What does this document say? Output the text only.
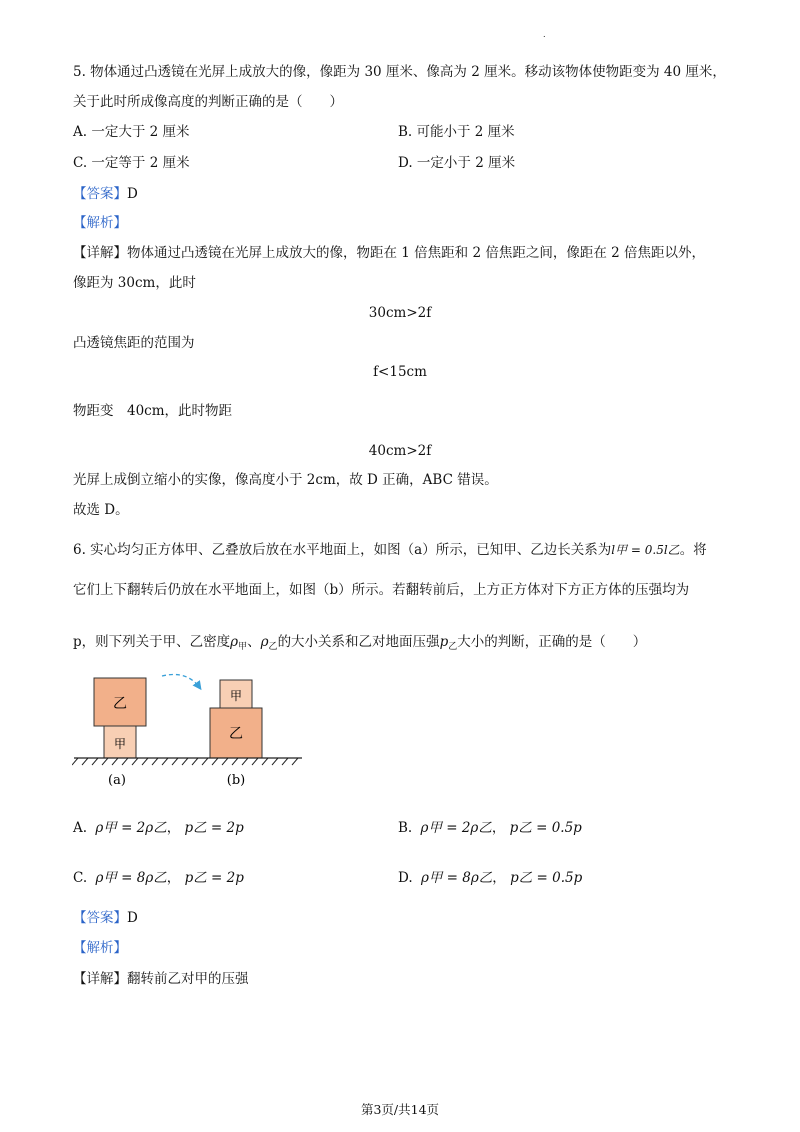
.
5. 物体通过凸透镜在光屏上成放大的像，像距为 30 厘米、像高为 2 厘米。移动该物体使物距变为 40 厘米，
关于此时所成像高度的判断正确的是（　　）
A. 一定大于 2 厘米	B. 可能小于 2 厘米
C. 一定等于 2 厘米	D. 一定小于 2 厘米
【答案】D
【解析】
【详解】物体通过凸透镜在光屏上成放大的像，物距在 1 倍焦距和 2 倍焦距之间，像距在 2 倍焦距以外，
像距为 30cm，此时
30cm>2f
凸透镜焦距的范围为
f<15cm
物距变　40cm，此时物距
40cm>2f
光屏上成倒立缩小的实像，像高度小于 2cm，故 D 正确，ABC 错误。
故选 D。
6. 实心均匀正方体甲、乙叠放后放在水平地面上，如图（a）所示，已知甲、乙边长关系为l甲 = 0.5l乙。将
它们上下翻转后仍放在水平地面上，如图（b）所示。若翻转前后，上方正方体对下方正方体的压强均为
p，则下列关于甲、乙密度$\rho_甲$、$\rho_乙$的大小关系和乙对地面压强$p_乙$大小的判断，正确的是（　　）
乙
甲
甲
乙
(a)	(b)
A. ρ甲 = 2ρ乙， p乙 = 2p	B. ρ甲 = 2ρ乙， p乙 = 0.5p
C. ρ甲 = 8ρ乙， p乙 = 2p	D. ρ甲 = 8ρ乙， p乙 = 0.5p
【答案】D
【解析】
【详解】翻转前乙对甲的压强
第3页/共14页
